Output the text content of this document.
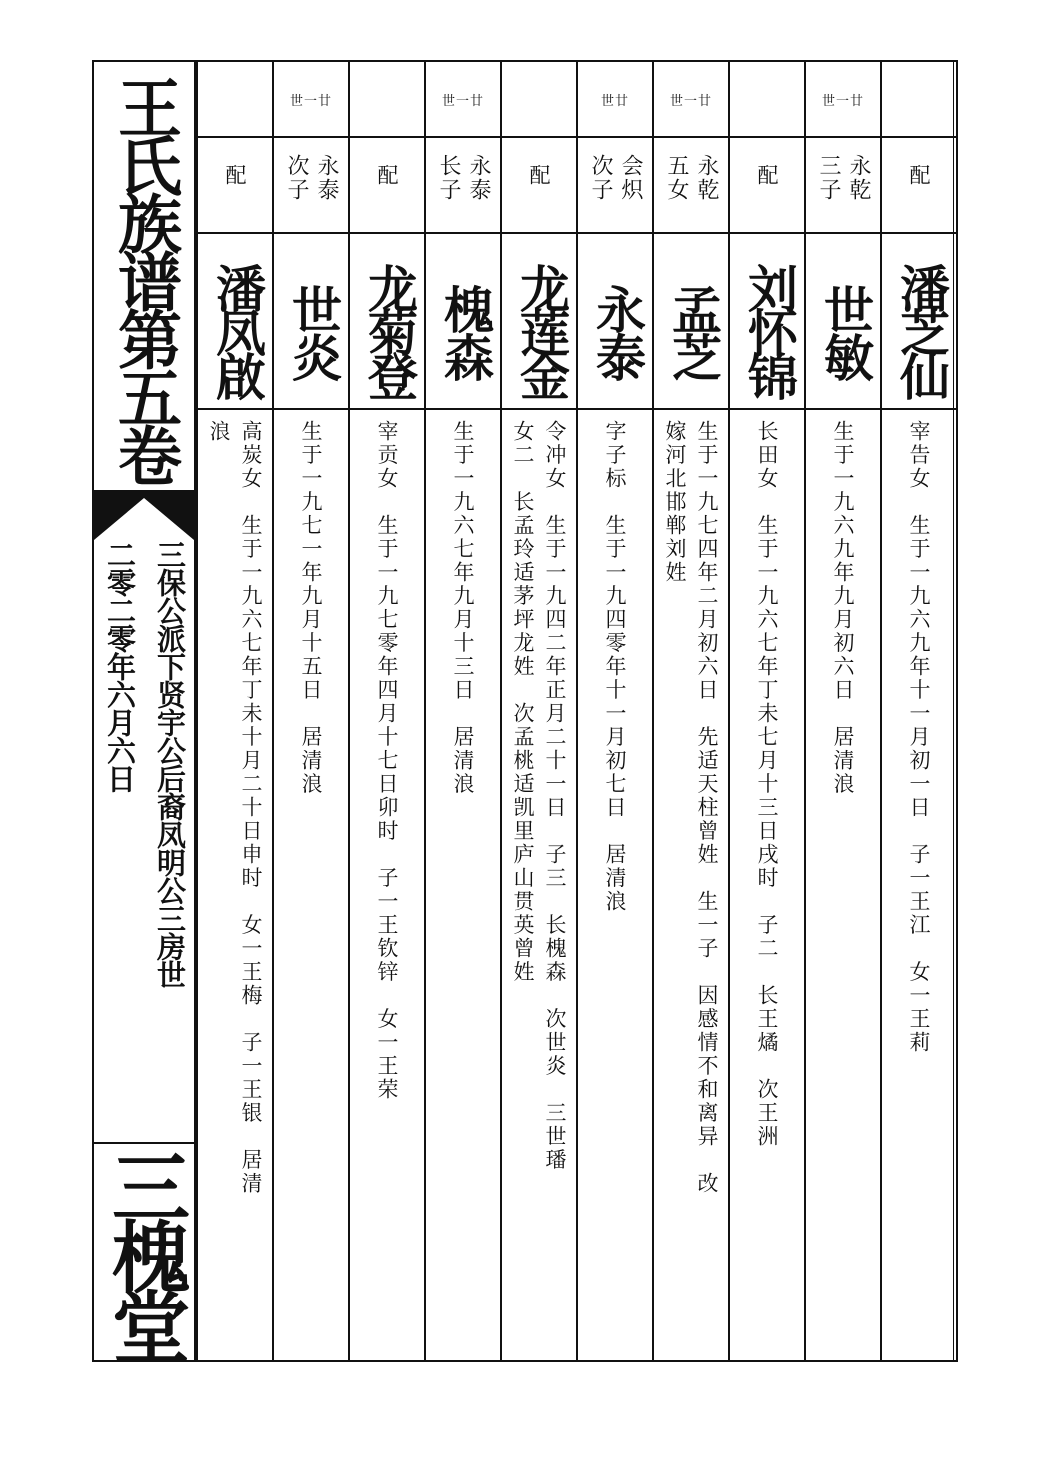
王氏族谱第五卷
三保公派下贤宇公后裔凤明公三房世
二零二零年六月六日
三槐堂
配
潘芝仙
宰告女　生于一九六九年十一月初一日　子一王江　女一王莉
世一廿
永乾
三子
世敏
生于一九六九年九月初六日　居清浪
配
刘怀锦
长田女　生于一九六七年丁未七月十三日戌时　子二　长王燏　次王洲
世一廿
永乾
五女
孟芝
生于一九七四年二月初六日　先适天柱曾姓　生一子　因感情不和离异　改
嫁河北邯郸刘姓
世廿
会炽
次子
永泰
字子标　生于一九四零年十一月初七日　居清浪
配
龙莲金
令冲女　生于一九四二年正月二十一日　子三　长槐森　次世炎　三世璠
女二　长孟玲适茅坪龙姓　次孟桃适凯里庐山贯英曾姓
世一廿
永泰
长子
槐森
生于一九六七年九月十三日　居清浪
配
龙菊登
宰贡女　生于一九七零年四月十七日卯时　子一王钦锌　女一王荣
世一廿
永泰
次子
世炎
生于一九七一年九月十五日　居清浪
配
潘凤啟
高炭女　生于一九六七年丁未十月二十日申时　女一王梅　子一王银　居清
浪
